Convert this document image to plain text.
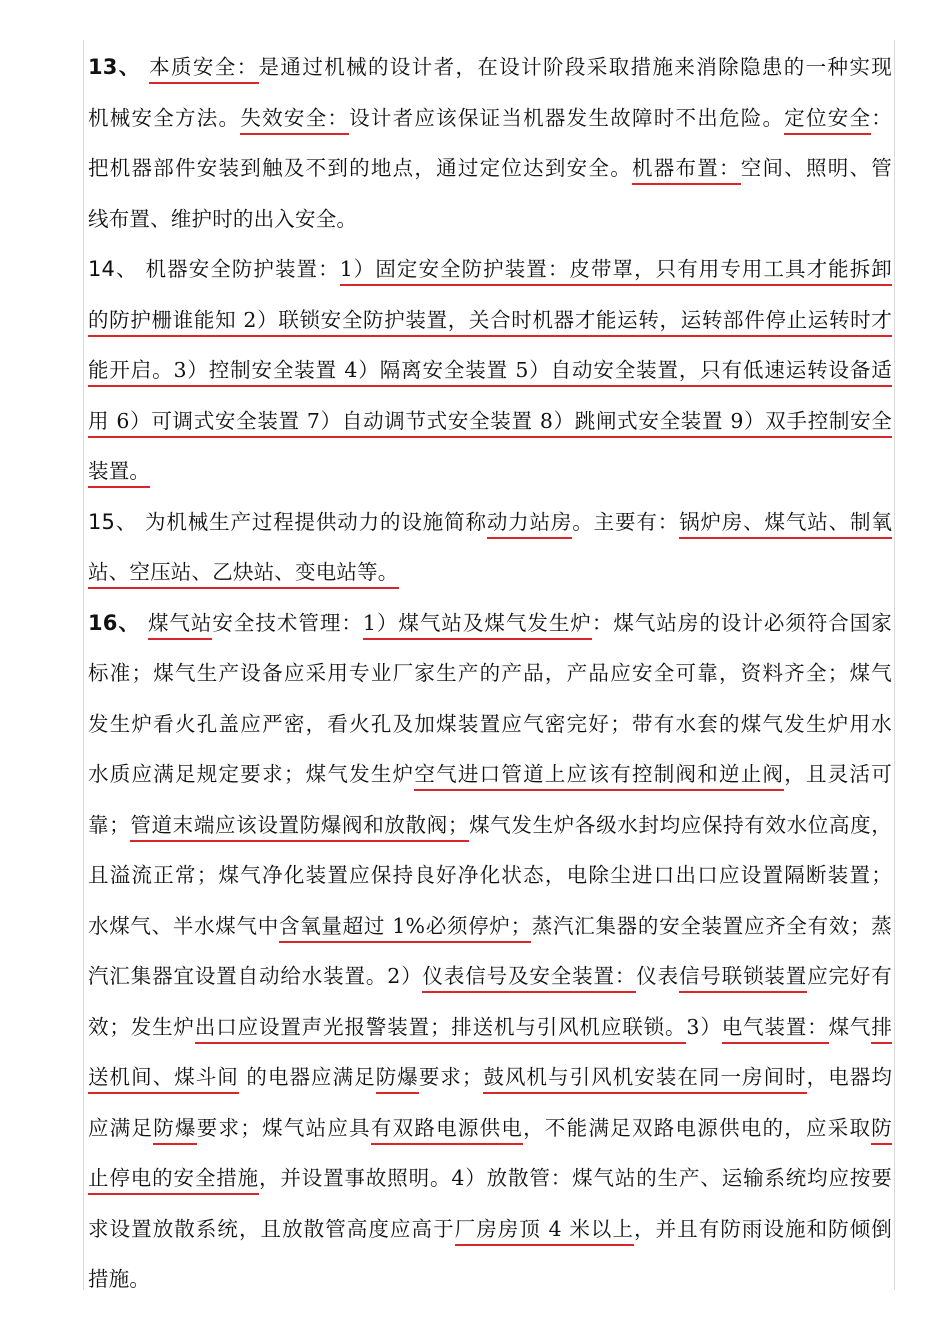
13、 本质安全：是通过机械的设计者，在设计阶段采取措施来消除隐患的一种实现
机械安全方法。失效安全：设计者应该保证当机器发生故障时不出危险。定位安全：
把机器部件安装到触及不到的地点，通过定位达到安全。机器布置：空间、照明、管
线布置、维护时的出入安全。
14、 机器安全防护装置：1）固定安全防护装置：皮带罩，只有用专用工具才能拆卸
的防护栅谁能知 2）联锁安全防护装置，关合时机器才能运转，运转部件停止运转时才
能开启。3）控制安全装置 4）隔离安全装置 5）自动安全装置，只有低速运转设备适
用 6）可调式安全装置 7）自动调节式安全装置 8）跳闸式安全装置 9）双手控制安全
装置。
15、 为机械生产过程提供动力的设施简称动力站房。主要有：锅炉房、煤气站、制氧
站、空压站、乙炔站、变电站等。
16、 煤气站安全技术管理：1）煤气站及煤气发生炉：煤气站房的设计必须符合国家
标准；煤气生产设备应采用专业厂家生产的产品，产品应安全可靠，资料齐全；煤气
发生炉看火孔盖应严密，看火孔及加煤装置应气密完好；带有水套的煤气发生炉用水
水质应满足规定要求；煤气发生炉空气进口管道上应该有控制阀和逆止阀，且灵活可
靠；管道末端应该设置防爆阀和放散阀；煤气发生炉各级水封均应保持有效水位高度，
且溢流正常；煤气净化装置应保持良好净化状态，电除尘进口出口应设置隔断装置；
水煤气、半水煤气中含氧量超过 1%必须停炉；蒸汽汇集器的安全装置应齐全有效；蒸
汽汇集器宜设置自动给水装置。2）仪表信号及安全装置：仪表信号联锁装置应完好有
效；发生炉出口应设置声光报警装置；排送机与引风机应联锁。3）电气装置：煤气排
送机间、煤斗间 的电器应满足防爆要求；鼓风机与引风机安装在同一房间时，电器均
应满足防爆要求；煤气站应具有双路电源供电，不能满足双路电源供电的，应采取防
止停电的安全措施，并设置事故照明。4）放散管：煤气站的生产、运输系统均应按要
求设置放散系统，且放散管高度应高于厂房房顶 4 米以上，并且有防雨设施和防倾倒
措施。
